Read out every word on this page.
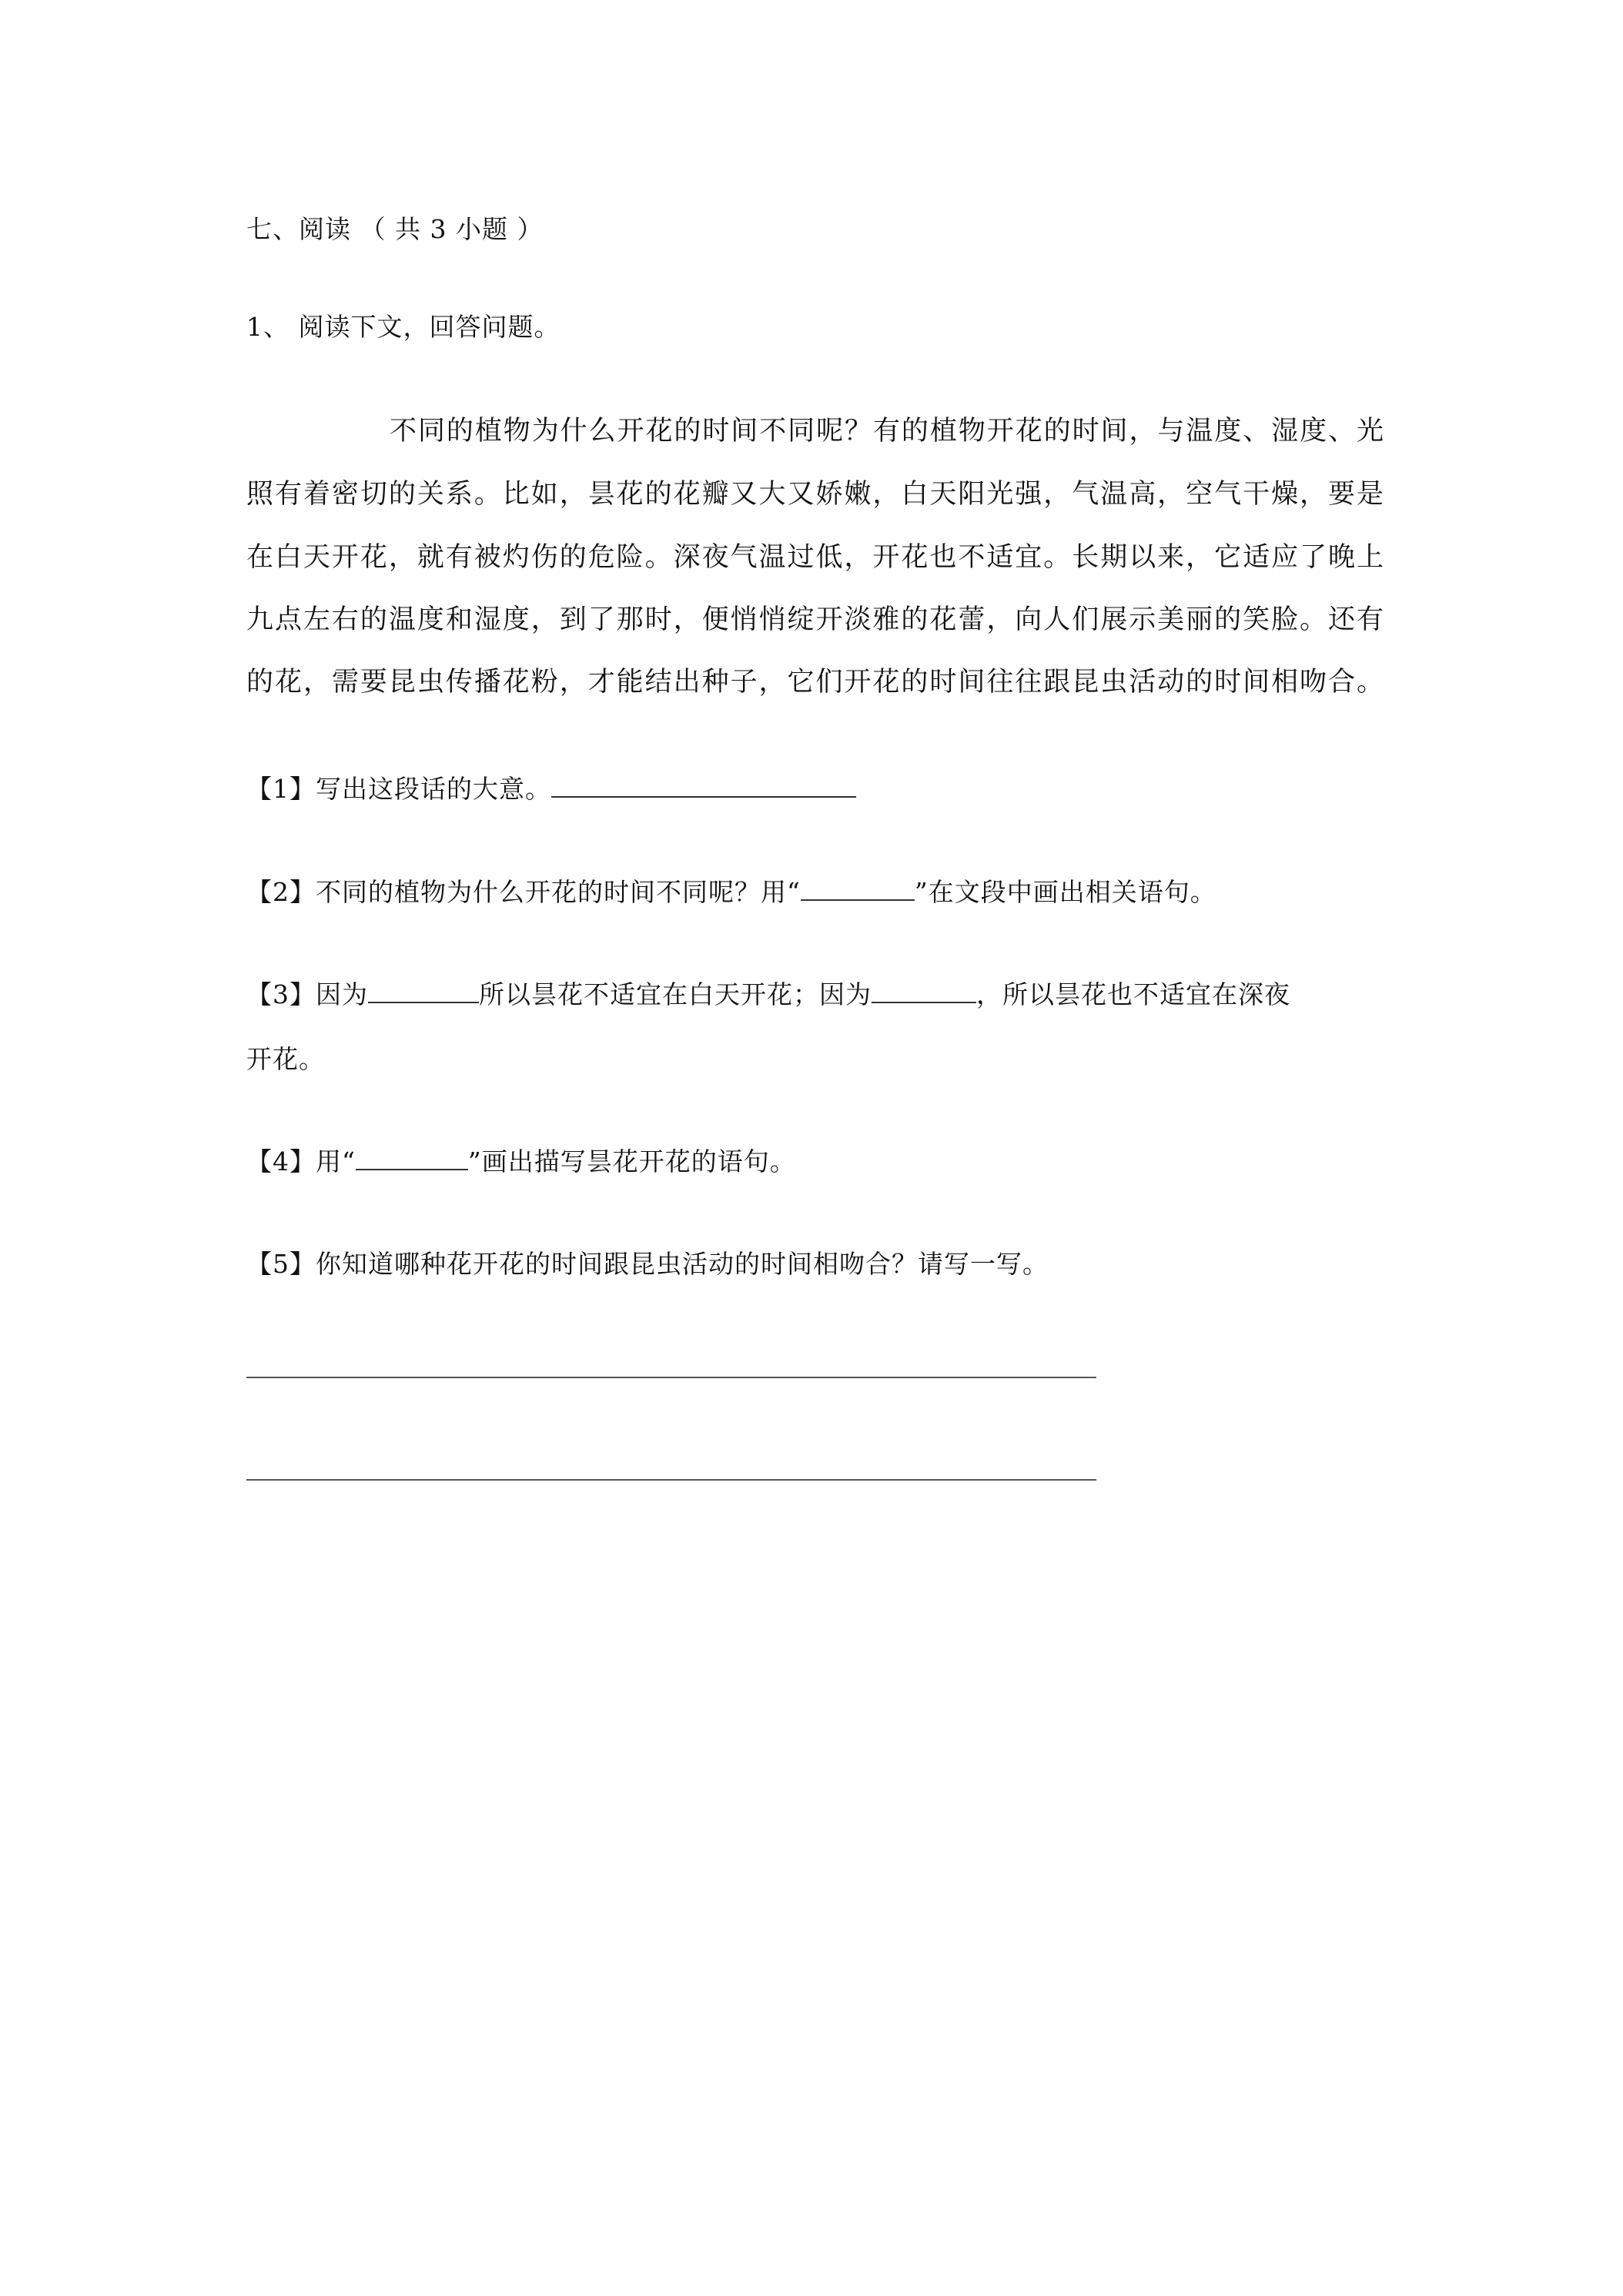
七、阅读 （ 共 3 小题 ）
1、 阅读下文，回答问题。
不同的植物为什么开花的时间不同呢？有的植物开花的时间，与温度、湿度、光
照有着密切的关系。比如，昙花的花瓣又大又娇嫩，白天阳光强，气温高，空气干燥，要是
在白天开花，就有被灼伤的危险。深夜气温过低，开花也不适宜。长期以来，它适应了晚上
九点左右的温度和湿度，到了那时，便悄悄绽开淡雅的花蕾，向人们展示美丽的笑脸。还有
的花，需要昆虫传播花粉，才能结出种子，它们开花的时间往往跟昆虫活动的时间相吻合。
【1】写出这段话的大意。
【2】不同的植物为什么开花的时间不同呢？用“	”在文段中画出相关语句。
【3】因为	所以昙花不适宜在白天开花；因为	，所以昙花也不适宜在深夜
开花。
【4】用“	”画出描写昙花开花的语句。
【5】你知道哪种花开花的时间跟昆虫活动的时间相吻合？请写一写。
